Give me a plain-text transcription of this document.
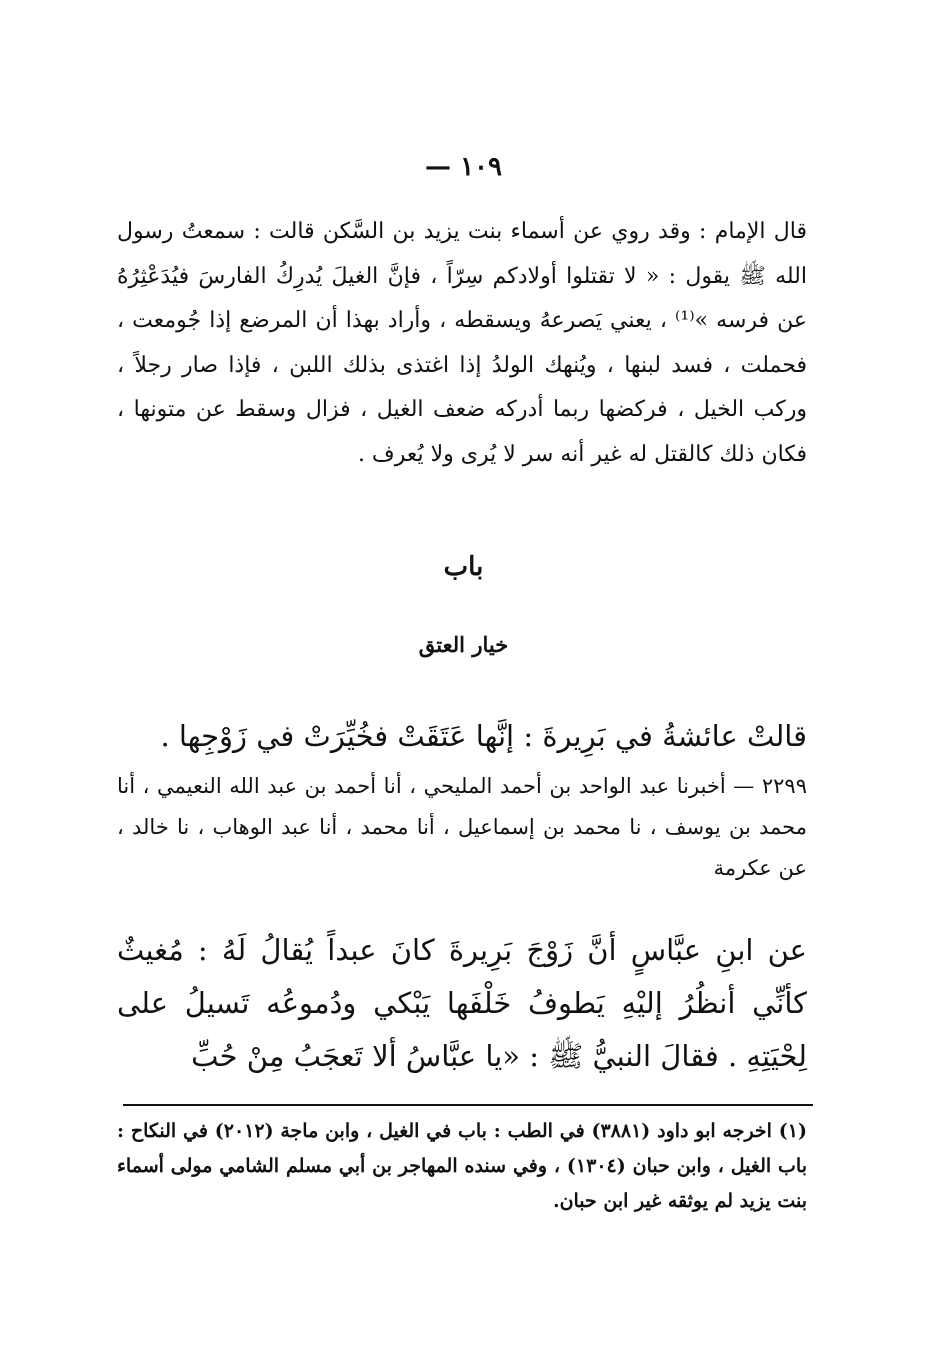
١٠٩ —

قال الإمام : وقد روي عن أسماء بنت يزيد بن السَّكن قالت : سمعتُ رسول الله ﷺ يقول : « لا تقتلوا أولادكم سِرّاً ، فإنَّ الغيلَ يُدرِكُ الفارسَ فيُدَعْثِرُهُ عن فرسه »⁽¹⁾ ، يعني يَصرعهُ ويسقطه ، وأراد بهذا أن المرضع إذا جُومعت ، فحملت ، فسد لبنها ، ويُنهك الولدُ إذا اغتذى بذلك اللبن ، فإذا صار رجلاً ، وركب الخيل ، فركضها ربما أدركه ضعف الغيل ، فزال وسقط عن متونها ، فكان ذلك كالقتل له غير أنه سر لا يُرى ولا يُعرف .

باب
خيار العتق

قالتْ عائشةُ في بَرِيرةَ : إنَّها عَتَقَتْ فخُيِّرَتْ في زَوْجِها .

٢٢٩٩ — أخبرنا عبد الواحد بن أحمد المليحي ، أنا أحمد بن عبد الله النعيمي ، أنا محمد بن يوسف ، نا محمد بن إسماعيل ، أنا محمد ، أنا عبد الوهاب ، نا خالد ، عن عكرمة

عن ابنِ عبَّاسٍ أنَّ زَوْجَ بَرِيرةَ كانَ عبداً يُقالُ لَهُ : مُغيثٌ كأنِّي أنظُرُ إليْهِ يَطوفُ خَلْفَها يَبْكي ودُموعُه تَسيلُ على لِحْيَتِهِ . فقالَ النبيُّ ﷺ : «يا عبَّاسُ ألا تَعجَبُ مِنْ حُبِّ

(١) اخرجه ابو داود (٣٨٨١) في الطب : باب في الغيل ، وابن ماجة (٢٠١٢) في النكاح : باب الغيل ، وابن حبان (١٣٠٤) ، وفي سنده المهاجر بن أبي مسلم الشامي مولى أسماء بنت يزيد لم يوثقه غير ابن حبان.
